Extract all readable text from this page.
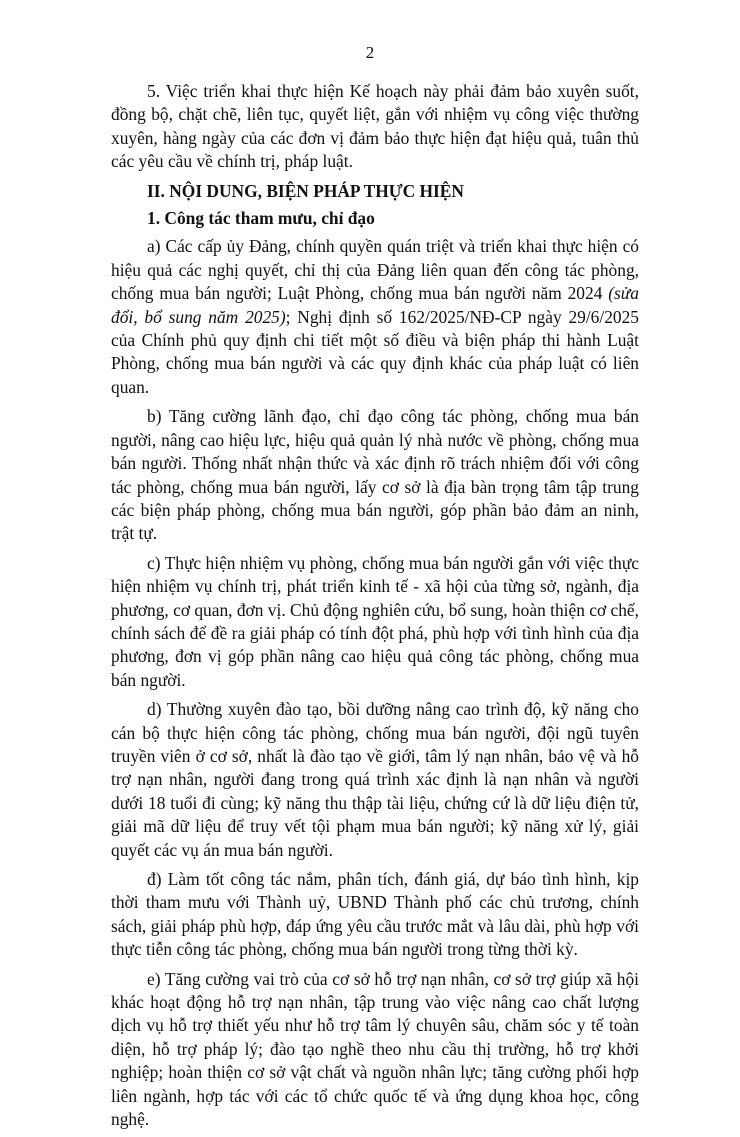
2

5. Việc triển khai thực hiện Kế hoạch này phải đảm bảo xuyên suốt, đồng bộ, chặt chẽ, liên tục, quyết liệt, gắn với nhiệm vụ công việc thường xuyên, hàng ngày của các đơn vị đảm bảo thực hiện đạt hiệu quả, tuân thủ các yêu cầu về chính trị, pháp luật.

II. NỘI DUNG, BIỆN PHÁP THỰC HIỆN

1. Công tác tham mưu, chỉ đạo

a) Các cấp ủy Đảng, chính quyền quán triệt và triển khai thực hiện có hiệu quả các nghị quyết, chỉ thị của Đảng liên quan đến công tác phòng, chống mua bán người; Luật Phòng, chống mua bán người năm 2024 (sửa đổi, bổ sung năm 2025); Nghị định số 162/2025/NĐ-CP ngày 29/6/2025 của Chính phủ quy định chi tiết một số điều và biện pháp thi hành Luật Phòng, chống mua bán người và các quy định khác của pháp luật có liên quan.

b) Tăng cường lãnh đạo, chỉ đạo công tác phòng, chống mua bán người, nâng cao hiệu lực, hiệu quả quản lý nhà nước về phòng, chống mua bán người. Thống nhất nhận thức và xác định rõ trách nhiệm đối với công tác phòng, chống mua bán người, lấy cơ sở là địa bàn trọng tâm tập trung các biện pháp phòng, chống mua bán người, góp phần bảo đảm an ninh, trật tự.

c) Thực hiện nhiệm vụ phòng, chống mua bán người gắn với việc thực hiện nhiệm vụ chính trị, phát triển kinh tế - xã hội của từng sở, ngành, địa phương, cơ quan, đơn vị. Chủ động nghiên cứu, bổ sung, hoàn thiện cơ chế, chính sách để đề ra giải pháp có tính đột phá, phù hợp với tình hình của địa phương, đơn vị góp phần nâng cao hiệu quả công tác phòng, chống mua bán người.

d) Thường xuyên đào tạo, bồi dưỡng nâng cao trình độ, kỹ năng cho cán bộ thực hiện công tác phòng, chống mua bán người, đội ngũ tuyên truyền viên ở cơ sở, nhất là đào tạo về giới, tâm lý nạn nhân, bảo vệ và hỗ trợ nạn nhân, người đang trong quá trình xác định là nạn nhân và người dưới 18 tuổi đi cùng; kỹ năng thu thập tài liệu, chứng cứ là dữ liệu điện tử, giải mã dữ liệu để truy vết tội phạm mua bán người; kỹ năng xử lý, giải quyết các vụ án mua bán người.

đ) Làm tốt công tác nắm, phân tích, đánh giá, dự báo tình hình, kịp thời tham mưu với Thành uỷ, UBND Thành phố các chủ trương, chính sách, giải pháp phù hợp, đáp ứng yêu cầu trước mắt và lâu dài, phù hợp với thực tiễn công tác phòng, chống mua bán người trong từng thời kỳ.

e) Tăng cường vai trò của cơ sở hỗ trợ nạn nhân, cơ sở trợ giúp xã hội khác hoạt động hỗ trợ nạn nhân, tập trung vào việc nâng cao chất lượng dịch vụ hỗ trợ thiết yếu như hỗ trợ tâm lý chuyên sâu, chăm sóc y tế toàn diện, hỗ trợ pháp lý; đào tạo nghề theo nhu cầu thị trường, hỗ trợ khởi nghiệp; hoàn thiện cơ sở vật chất và nguồn nhân lực; tăng cường phối hợp liên ngành, hợp tác với các tổ chức quốc tế và ứng dụng khoa học, công nghệ.
